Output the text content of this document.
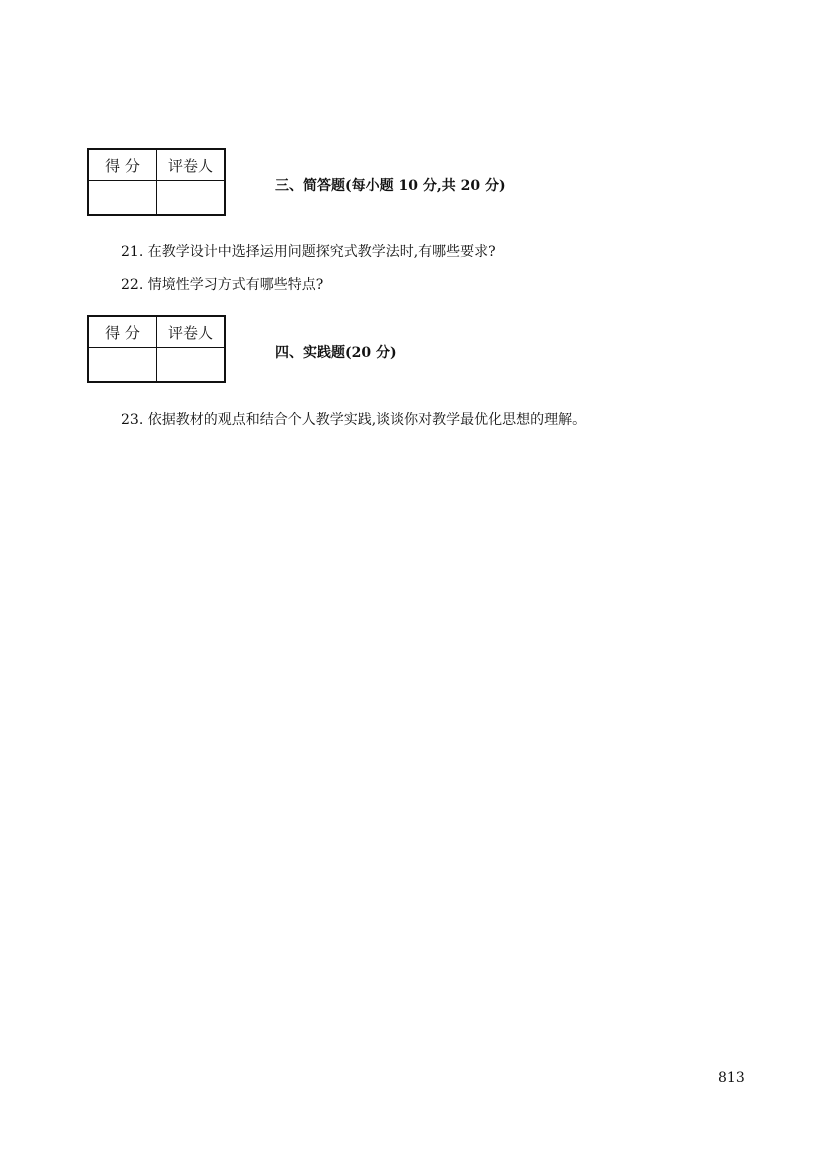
得 分	评卷人

三、简答题(每小题 10 分,共 20 分)
21. 在教学设计中选择运用问题探究式教学法时,有哪些要求?
22. 情境性学习方式有哪些特点?
得 分	评卷人

四、实践题(20 分)
23. 依据教材的观点和结合个人教学实践,谈谈你对教学最优化思想的理解。
813
